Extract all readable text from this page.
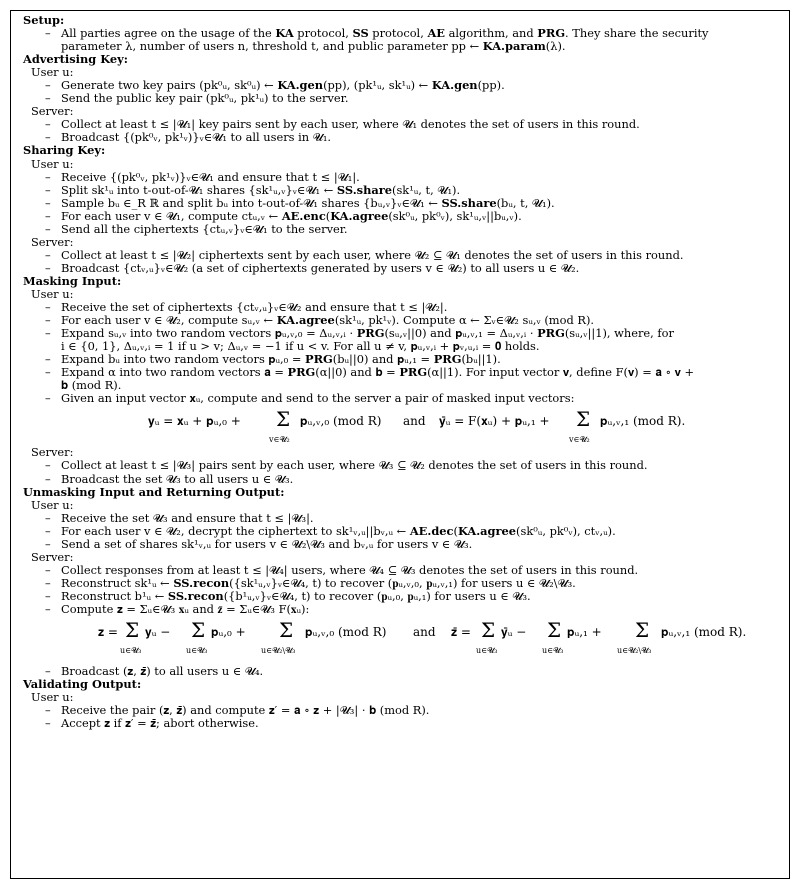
Setup:
– All parties agree on the usage of the KA protocol, SS protocol, AE algorithm, and PRG. They share the security
parameter λ, number of users n, threshold t, and public parameter pp ← KA.param(λ).
Advertising Key:
User u:
– Generate two key pairs (pk⁰ᵤ, sk⁰ᵤ) ← KA.gen(pp), (pk¹ᵤ, sk¹ᵤ) ← KA.gen(pp).
– Send the public key pair (pk⁰ᵤ, pk¹ᵤ) to the server.
Server:
– Collect at least t ≤ |𝓤₁| key pairs sent by each user, where 𝓤₁ denotes the set of users in this round.
– Broadcast {(pk⁰ᵥ, pk¹ᵥ)}ᵥ∈𝓤₁ to all users in 𝓤₁.
Sharing Key:
User u:
– Receive {(pk⁰ᵥ, pk¹ᵥ)}ᵥ∈𝓤₁ and ensure that t ≤ |𝓤₁|.
– Split sk¹ᵤ into t-out-of-𝓤₁ shares {sk¹ᵤ,ᵥ}ᵥ∈𝓤₁ ← SS.share(sk¹ᵤ, t, 𝓤₁).
– Sample bᵤ ∈_R ℝ and split bᵤ into t-out-of-𝓤₁ shares {bᵤ,ᵥ}ᵥ∈𝓤₁ ← SS.share(bᵤ, t, 𝓤₁).
– For each user v ∈ 𝓤₁, compute ctᵤ,ᵥ ← AE.enc(KA.agree(sk⁰ᵤ, pk⁰ᵥ), sk¹ᵤ,ᵥ||bᵤ,ᵥ).
– Send all the ciphertexts {ctᵤ,ᵥ}ᵥ∈𝓤₁ to the server.
Server:
– Collect at least t ≤ |𝓤₂| ciphertexts sent by each user, where 𝓤₂ ⊆ 𝓤₁ denotes the set of users in this round.
– Broadcast {ctᵥ,ᵤ}ᵥ∈𝓤₂ (a set of ciphertexts generated by users v ∈ 𝓤₂) to all users u ∈ 𝓤₂.
Masking Input:
User u:
– Receive the set of ciphertexts {ctᵥ,ᵤ}ᵥ∈𝓤₂ and ensure that t ≤ |𝓤₂|.
– For each user v ∈ 𝓤₂, compute sᵤ,ᵥ ← KA.agree(sk¹ᵤ, pk¹ᵥ). Compute α ← Σᵥ∈𝓤₂ sᵤ,ᵥ (mod R).
– Expand sᵤ,ᵥ into two random vectors 𝐩ᵤ,ᵥ,₀ = Δᵤ,ᵥ,ᵢ · PRG(sᵤ,ᵥ||0) and 𝐩ᵤ,ᵥ,₁ = Δᵤ,ᵥ,ᵢ · PRG(sᵤ,ᵥ||1), where, for
i ∈ {0, 1}, Δᵤ,ᵥ,ᵢ = 1 if u > v; Δᵤ,ᵥ = −1 if u < v. For all u ≠ v, 𝐩ᵤ,ᵥ,ᵢ + 𝐩ᵥ,ᵤ,ᵢ = 𝟎 holds.
– Expand bᵤ into two random vectors 𝐩ᵤ,₀ = PRG(bᵤ||0) and 𝐩ᵤ,₁ = PRG(bᵤ||1).
– Expand α into two random vectors 𝐚 = PRG(α||0) and 𝐛 = PRG(α||1). For input vector 𝐯, define F(𝐯) = 𝐚 ∘ 𝐯 +
𝐛 (mod R).
– Given an input vector 𝐱ᵤ, compute and send to the server a pair of masked input vectors:
𝐲ᵤ = 𝐱ᵤ + 𝐩ᵤ,₀ + Σ
v∈𝓤₂
𝐩ᵤ,ᵥ,₀ (mod R) and 𝐲̄ᵤ = F(𝐱ᵤ) + 𝐩ᵤ,₁ + Σ
v∈𝓤₂
𝐩ᵤ,ᵥ,₁ (mod R).
Server:
– Collect at least t ≤ |𝓤₃| pairs sent by each user, where 𝓤₃ ⊆ 𝓤₂ denotes the set of users in this round.
– Broadcast the set 𝓤₃ to all users u ∈ 𝓤₃.
Unmasking Input and Returning Output:
User u:
– Receive the set 𝓤₃ and ensure that t ≤ |𝓤₃|.
– For each user v ∈ 𝓤₂, decrypt the ciphertext to sk¹ᵥ,ᵤ||bᵥ,ᵤ ← AE.dec(KA.agree(sk⁰ᵤ, pk⁰ᵥ), ctᵥ,ᵤ).
– Send a set of shares sk¹ᵥ,ᵤ for users v ∈ 𝓤₂\𝓤₃ and bᵥ,ᵤ for users v ∈ 𝓤₃.
Server:
– Collect responses from at least t ≤ |𝓤₄| users, where 𝓤₄ ⊆ 𝓤₃ denotes the set of users in this round.
– Reconstruct sk¹ᵤ ← SS.recon({sk¹ᵤ,ᵥ}ᵥ∈𝓤₄, t) to recover (𝐩ᵤ,ᵥ,₀, 𝐩ᵤ,ᵥ,₁) for users u ∈ 𝓤₂\𝓤₃.
– Reconstruct b¹ᵤ ← SS.recon({b¹ᵤ,ᵥ}ᵥ∈𝓤₄, t) to recover (𝐩ᵤ,₀, 𝐩ᵤ,₁) for users u ∈ 𝓤₃.
– Compute 𝐳 = Σᵤ∈𝓤₃ 𝐱ᵤ and 𝐳̄ = Σᵤ∈𝓤₃ F(𝐱ᵤ):
𝐳 = Σ
u∈𝓤₃
𝐲ᵤ − Σ
u∈𝓤₃
𝐩ᵤ,₀ + Σ
u∈𝓤₂\𝓤₃
𝐩ᵤ,ᵥ,₀ (mod R) and 𝐳̄ = Σ
u∈𝓤₃
𝐲̄ᵤ − Σ
u∈𝓤₃
𝐩ᵤ,₁ + Σ
u∈𝓤₂\𝓤₃
𝐩ᵤ,ᵥ,₁ (mod R).
– Broadcast (𝐳, 𝐳̄) to all users u ∈ 𝓤₄.
Validating Output:
User u:
– Receive the pair (𝐳, 𝐳̄) and compute 𝐳′ = 𝐚 ∘ 𝐳 + |𝓤₃| · 𝐛 (mod R).
– Accept 𝐳 if 𝐳′ = 𝐳̄; abort otherwise.
